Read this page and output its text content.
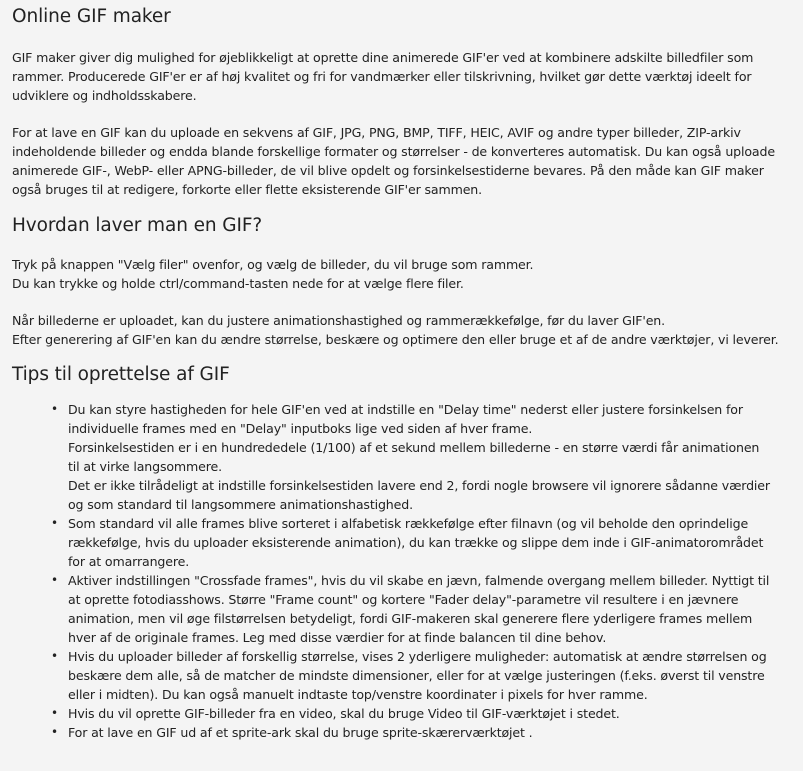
Online GIF maker

GIF maker giver dig mulighed for øjeblikkeligt at oprette dine animerede GIF'er ved at kombinere adskilte billedfiler som
rammer. Producerede GIF'er er af høj kvalitet og fri for vandmærker eller tilskrivning, hvilket gør dette værktøj ideelt for
udviklere og indholdsskabere.

For at lave en GIF kan du uploade en sekvens af GIF, JPG, PNG, BMP, TIFF, HEIC, AVIF og andre typer billeder, ZIP-arkiv
indeholdende billeder og endda blande forskellige formater og størrelser - de konverteres automatisk. Du kan også uploade
animerede GIF-, WebP- eller APNG-billeder, de vil blive opdelt og forsinkelsestiderne bevares. På den måde kan GIF maker
også bruges til at redigere, forkorte eller flette eksisterende GIF'er sammen.

Hvordan laver man en GIF?

Tryk på knappen "Vælg filer" ovenfor, og vælg de billeder, du vil bruge som rammer.
Du kan trykke og holde ctrl/command-tasten nede for at vælge flere filer.

Når billederne er uploadet, kan du justere animationshastighed og rammerækkefølge, før du laver GIF'en.
Efter generering af GIF'en kan du ændre størrelse, beskære og optimere den eller bruge et af de andre værktøjer, vi leverer.

Tips til oprettelse af GIF
• Du kan styre hastigheden for hele GIF'en ved at indstille en "Delay time" nederst eller justere forsinkelsen for
individuelle frames med en "Delay" inputboks lige ved siden af hver frame.
Forsinkelsestiden er i en hundrededele (1/100) af et sekund mellem billederne - en større værdi får animationen
til at virke langsommere.
Det er ikke tilrådeligt at indstille forsinkelsestiden lavere end 2, fordi nogle browsere vil ignorere sådanne værdier
og som standard til langsommere animationshastighed.
• Som standard vil alle frames blive sorteret i alfabetisk rækkefølge efter filnavn (og vil beholde den oprindelige
rækkefølge, hvis du uploader eksisterende animation), du kan trække og slippe dem inde i GIF-animatorområdet
for at omarrangere.
• Aktiver indstillingen "Crossfade frames", hvis du vil skabe en jævn, falmende overgang mellem billeder. Nyttigt til
at oprette fotodiasshows. Større "Frame count" og kortere "Fader delay"-parametre vil resultere i en jævnere
animation, men vil øge filstørrelsen betydeligt, fordi GIF-makeren skal generere flere yderligere frames mellem
hver af de originale frames. Leg med disse værdier for at finde balancen til dine behov.
• Hvis du uploader billeder af forskellig størrelse, vises 2 yderligere muligheder: automatisk at ændre størrelsen og
beskære dem alle, så de matcher de mindste dimensioner, eller for at vælge justeringen (f.eks. øverst til venstre
eller i midten). Du kan også manuelt indtaste top/venstre koordinater i pixels for hver ramme.
• Hvis du vil oprette GIF-billeder fra en video, skal du bruge Video til GIF-værktøjet i stedet.
• For at lave en GIF ud af et sprite-ark skal du bruge sprite-skærerværktøjet .
